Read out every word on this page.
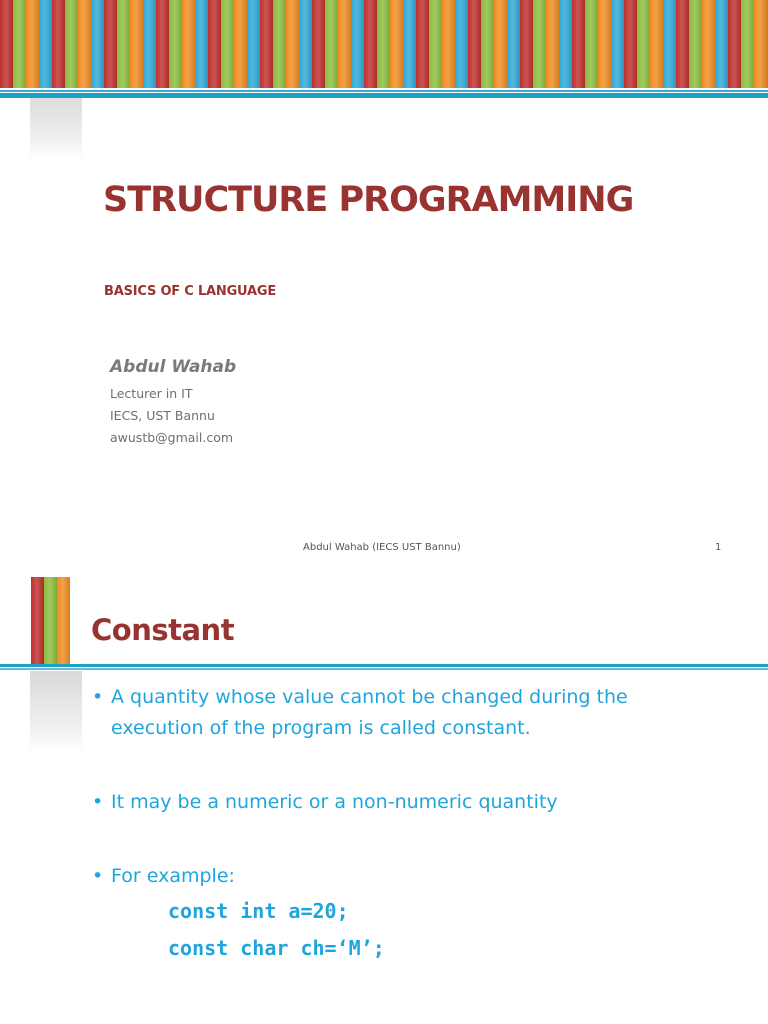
STRUCTURE PROGRAMMING
BASICS OF C LANGUAGE
Abdul Wahab
Lecturer in IT
IECS, UST Bannu
awustb@gmail.com
Abdul Wahab (IECS UST Bannu)	1
Constant
• A quantity whose value cannot be changed during the execution of the program is called constant.
• It may be a numeric or a non-numeric quantity
• For example:
const int a=20;
const char ch=‘M’;
